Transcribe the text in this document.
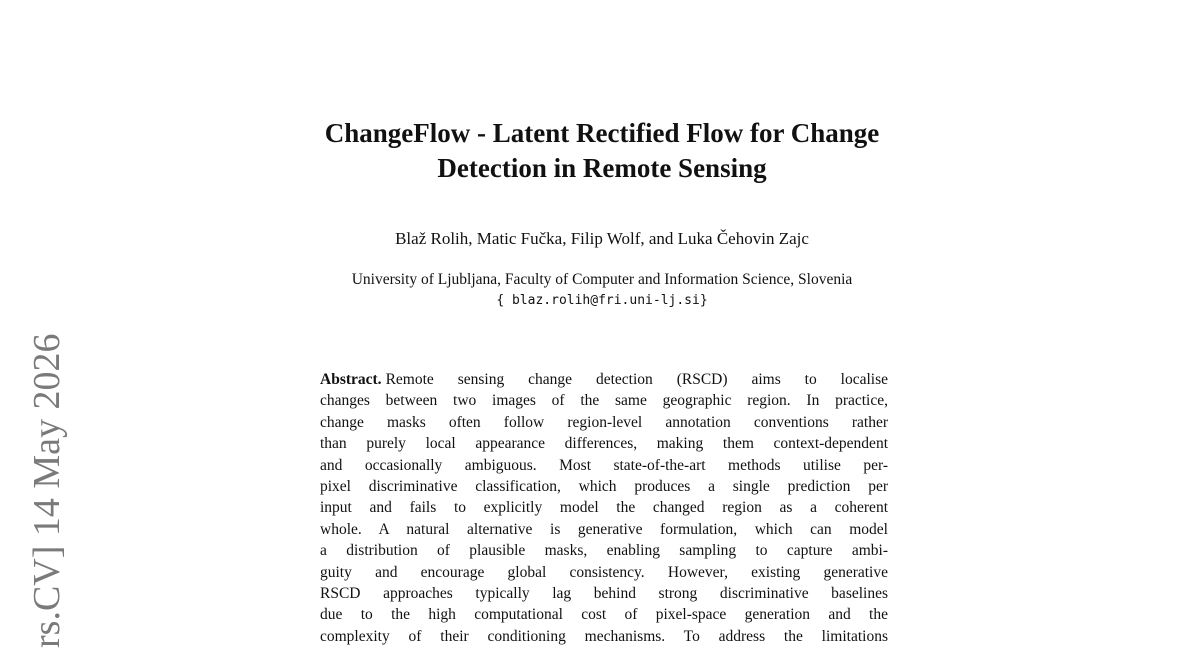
rs.CV] 14 May 2026
ChangeFlow - Latent Rectified Flow for Change
Detection in Remote Sensing
Blaž Rolih, Matic Fučka, Filip Wolf, and Luka Čehovin Zajc
University of Ljubljana, Faculty of Computer and Information Science, Slovenia
{ blaz.rolih@fri.uni-lj.si}
Abstract. Remote sensing change detection (RSCD) aims to localise
changes between two images of the same geographic region. In practice,
change masks often follow region-level annotation conventions rather
than purely local appearance differences, making them context-dependent
and occasionally ambiguous. Most state-of-the-art methods utilise per-
pixel discriminative classification, which produces a single prediction per
input and fails to explicitly model the changed region as a coherent
whole. A natural alternative is generative formulation, which can model
a distribution of plausible masks, enabling sampling to capture ambi-
guity and encourage global consistency. However, existing generative
RSCD approaches typically lag behind strong discriminative baselines
due to the high computational cost of pixel-space generation and the
complexity of their conditioning mechanisms. To address the limitations
